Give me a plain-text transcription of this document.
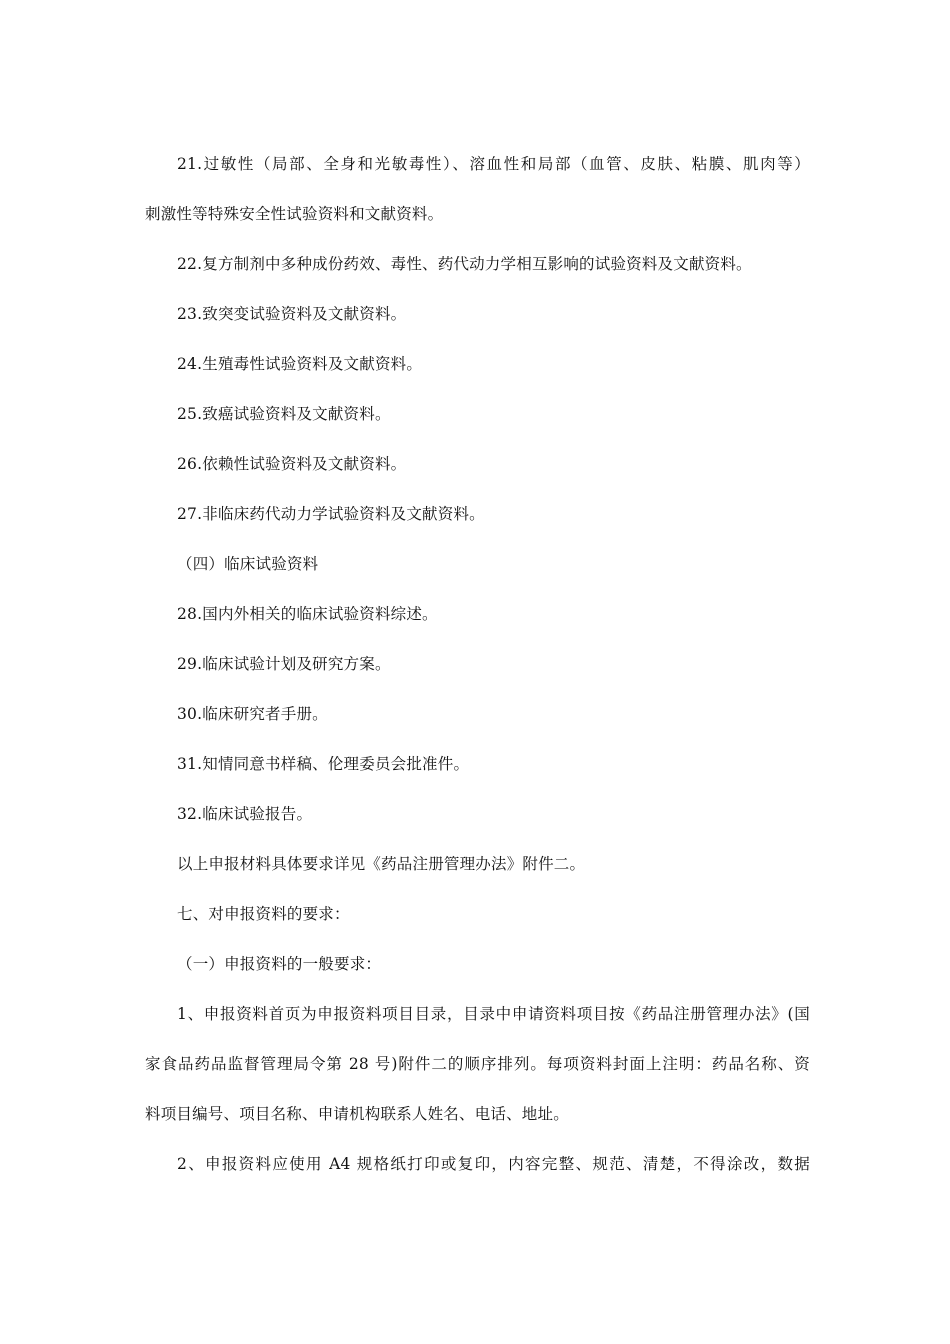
21.过敏性（局部、全身和光敏毒性）、溶血性和局部（血管、皮肤、粘膜、肌肉等）
刺激性等特殊安全性试验资料和文献资料。
22.复方制剂中多种成份药效、毒性、药代动力学相互影响的试验资料及文献资料。
23.致突变试验资料及文献资料。
24.生殖毒性试验资料及文献资料。
25.致癌试验资料及文献资料。
26.依赖性试验资料及文献资料。
27.非临床药代动力学试验资料及文献资料。
（四）临床试验资料
28.国内外相关的临床试验资料综述。
29.临床试验计划及研究方案。
30.临床研究者手册。
31.知情同意书样稿、伦理委员会批准件。
32.临床试验报告。
以上申报材料具体要求详见《药品注册管理办法》附件二。
七、对申报资料的要求：
（一）申报资料的一般要求：
1、申报资料首页为申报资料项目目录，目录中申请资料项目按《药品注册管理办法》(国
家食品药品监督管理局令第 28 号)附件二的顺序排列。每项资料封面上注明：药品名称、资
料项目编号、项目名称、申请机构联系人姓名、电话、地址。
2、申报资料应使用 A4 规格纸打印或复印，内容完整、规范、清楚，不得涂改，数据
